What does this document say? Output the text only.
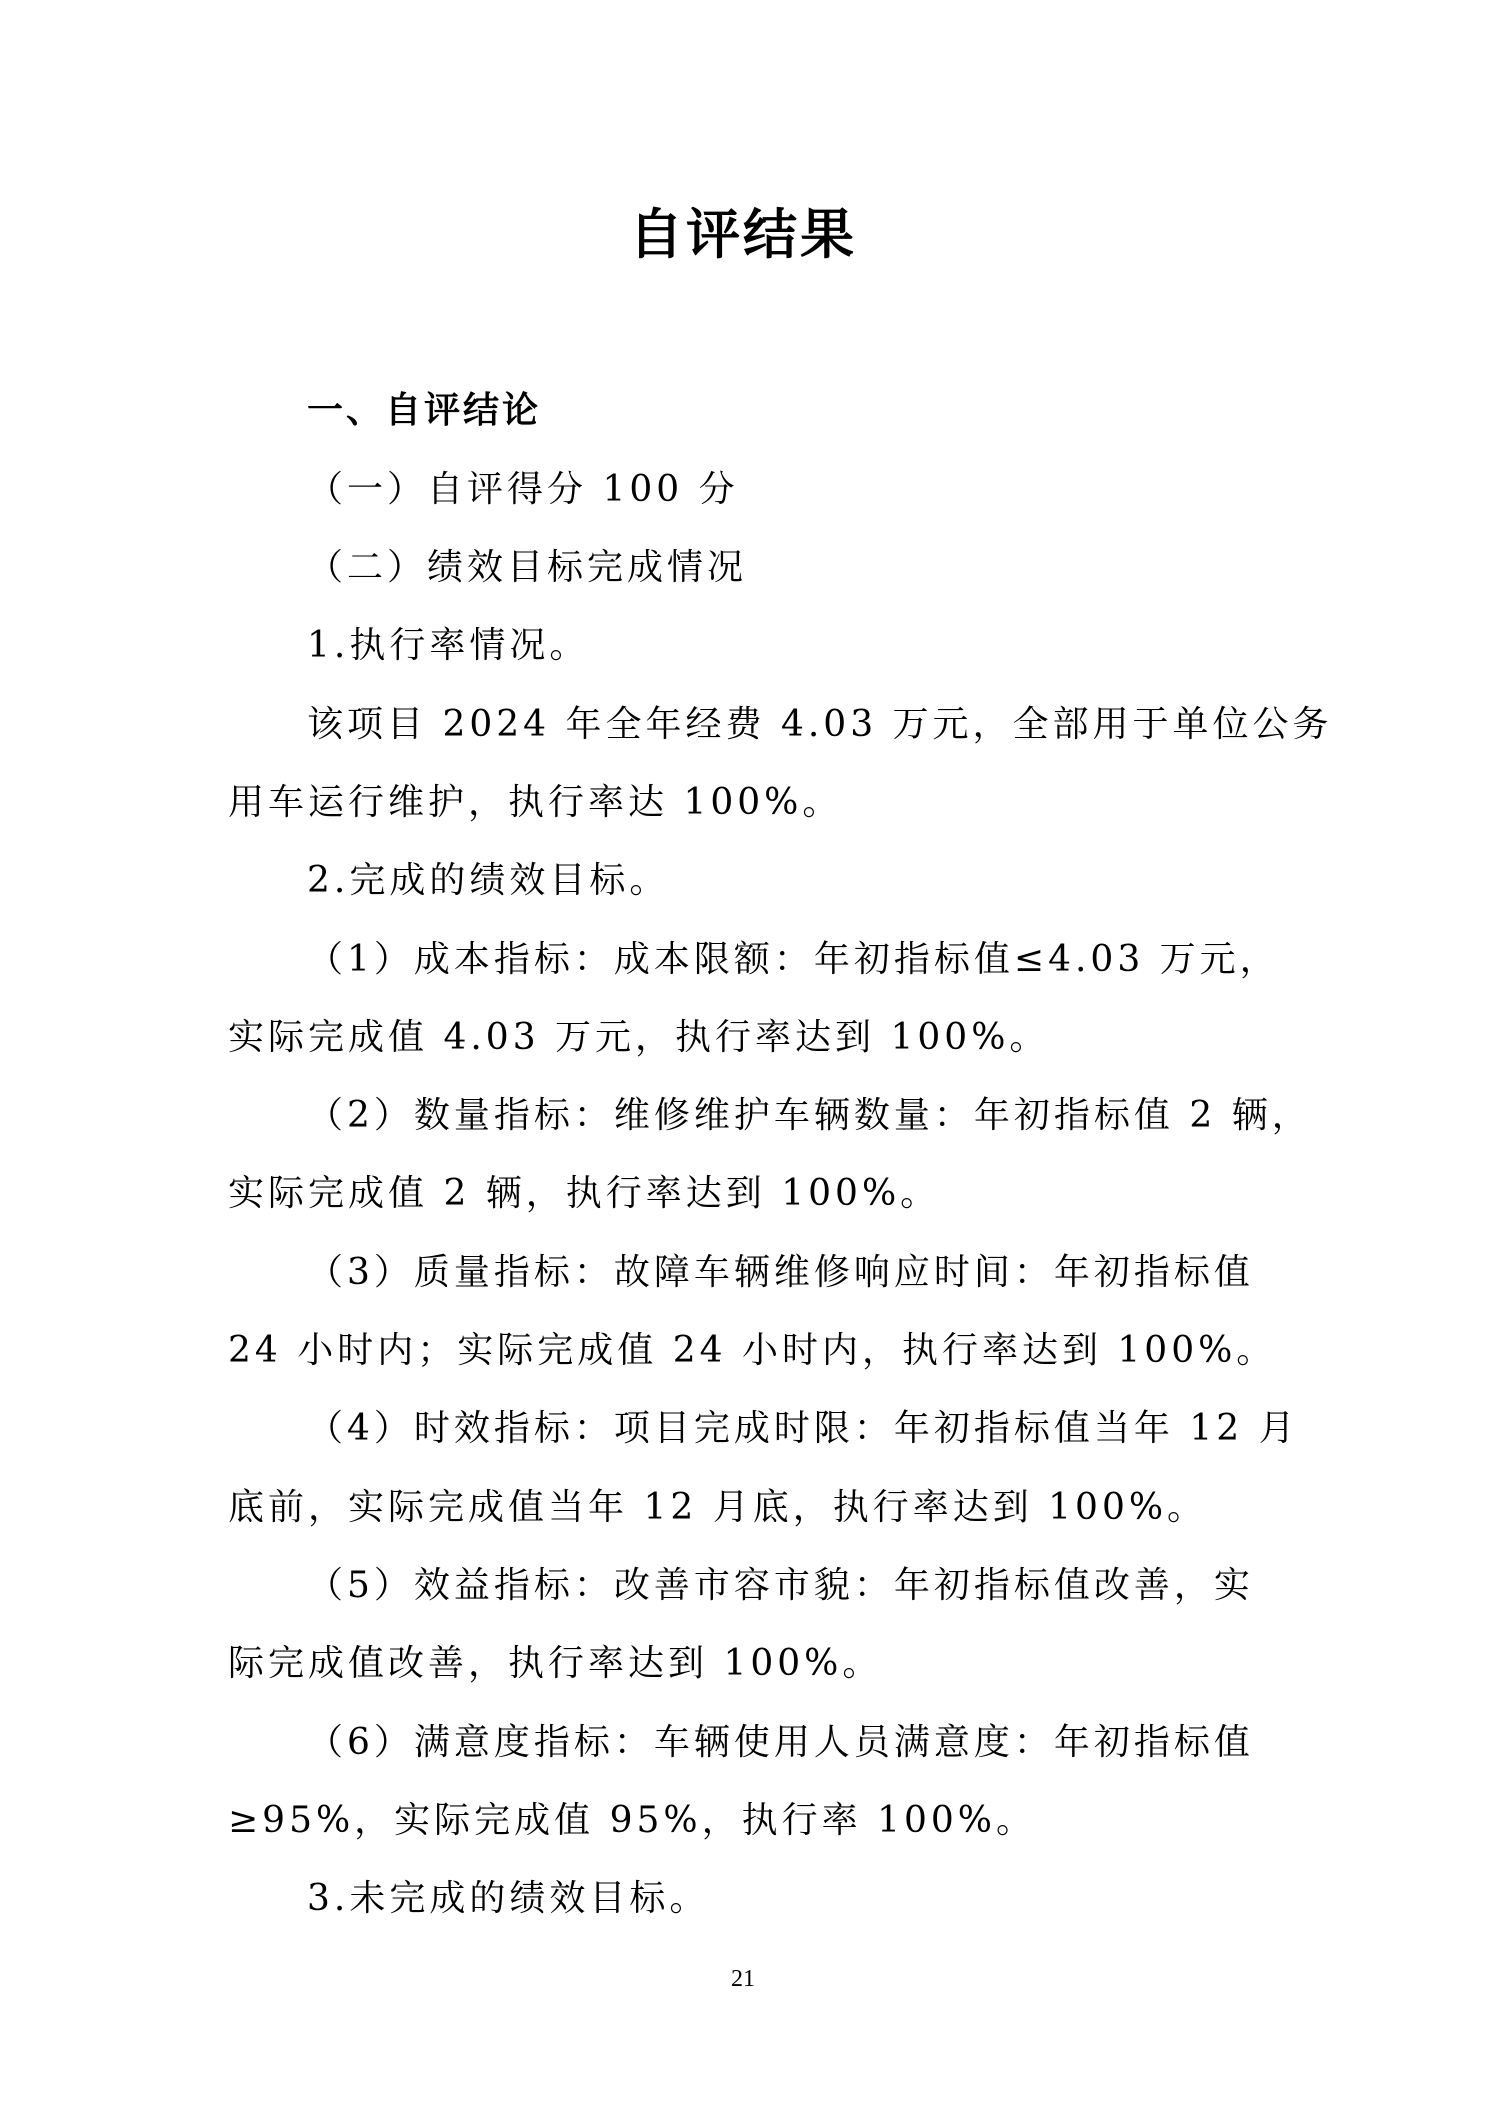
自评结果
一、自评结论
（一）自评得分 100 分
（二）绩效目标完成情况
1.执行率情况。
该项目 2024 年全年经费 4.03 万元，全部用于单位公务
用车运行维护，执行率达 100%。
2.完成的绩效目标。
（1）成本指标：成本限额：年初指标值≤4.03 万元，
实际完成值 4.03 万元，执行率达到 100%。
（2）数量指标：维修维护车辆数量：年初指标值 2 辆，
实际完成值 2 辆，执行率达到 100%。
（3）质量指标：故障车辆维修响应时间：年初指标值
24 小时内；实际完成值 24 小时内，执行率达到 100%。
（4）时效指标：项目完成时限：年初指标值当年 12 月
底前，实际完成值当年 12 月底，执行率达到 100%。
（5）效益指标：改善市容市貌：年初指标值改善，实
际完成值改善，执行率达到 100%。
（6）满意度指标：车辆使用人员满意度：年初指标值
≥95%，实际完成值 95%，执行率 100%。
3.未完成的绩效目标。
21
